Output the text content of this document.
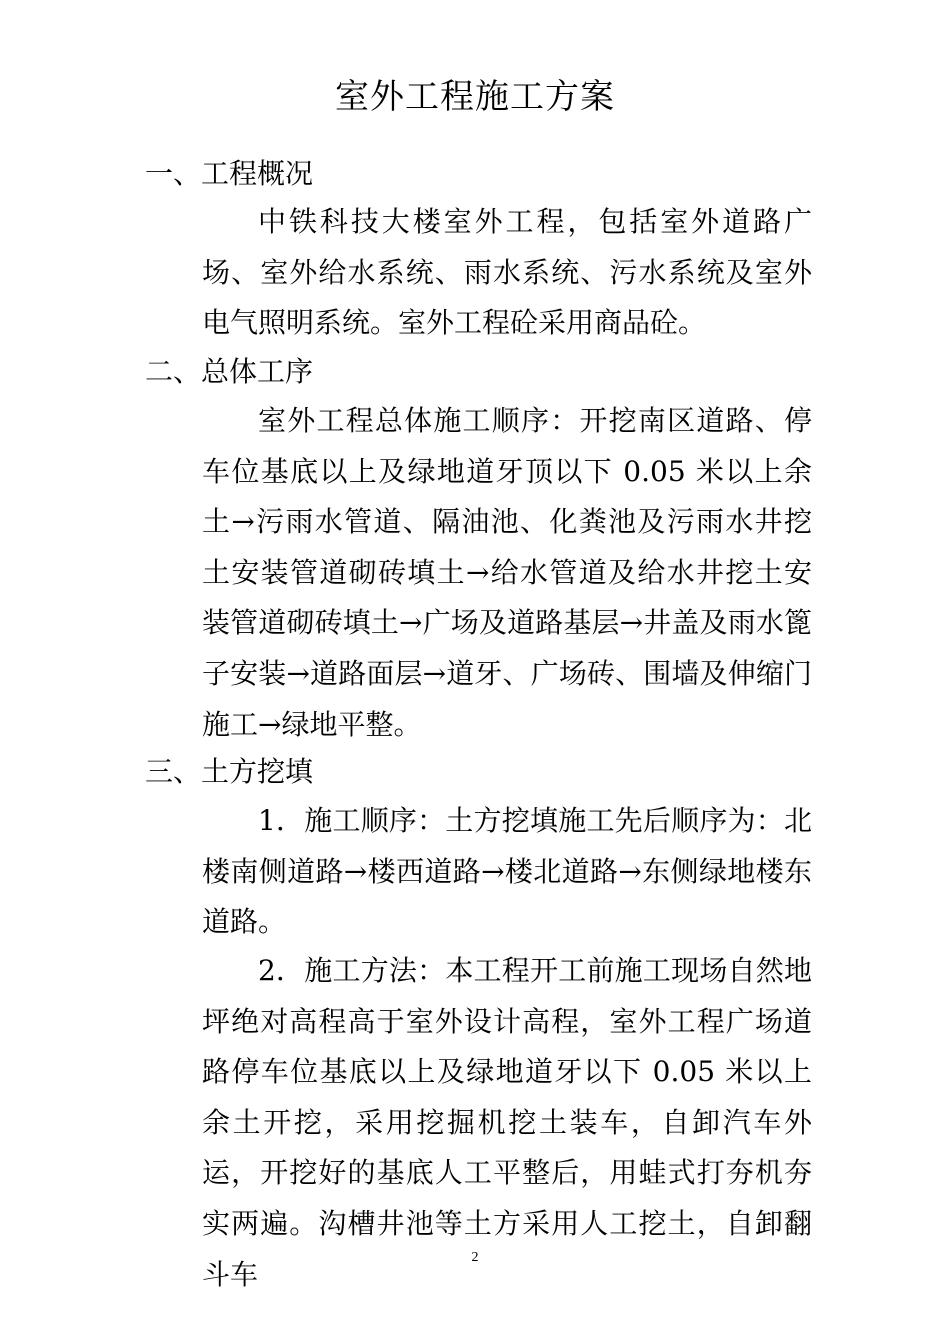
室外工程施工方案
一、工程概况
中铁科技大楼室外工程，包括室外道路广场、室外给水系统、雨水系统、污水系统及室外电气照明系统。室外工程砼采用商品砼。
二、总体工序
室外工程总体施工顺序：开挖南区道路、停车位基底以上及绿地道牙顶以下 0.05 米以上余土→污雨水管道、隔油池、化粪池及污雨水井挖土安装管道砌砖填土→给水管道及给水井挖土安装管道砌砖填土→广场及道路基层→井盖及雨水篦子安装→道路面层→道牙、广场砖、围墙及伸缩门施工→绿地平整。
三、土方挖填
1．施工顺序：土方挖填施工先后顺序为：北楼南侧道路→楼西道路→楼北道路→东侧绿地楼东道路。
2．施工方法：本工程开工前施工现场自然地坪绝对高程高于室外设计高程，室外工程广场道路停车位基底以上及绿地道牙以下 0.05 米以上余土开挖，采用挖掘机挖土装车，自卸汽车外运，开挖好的基底人工平整后，用蛙式打夯机夯实两遍。沟槽井池等土方采用人工挖土，自卸翻斗车
2
